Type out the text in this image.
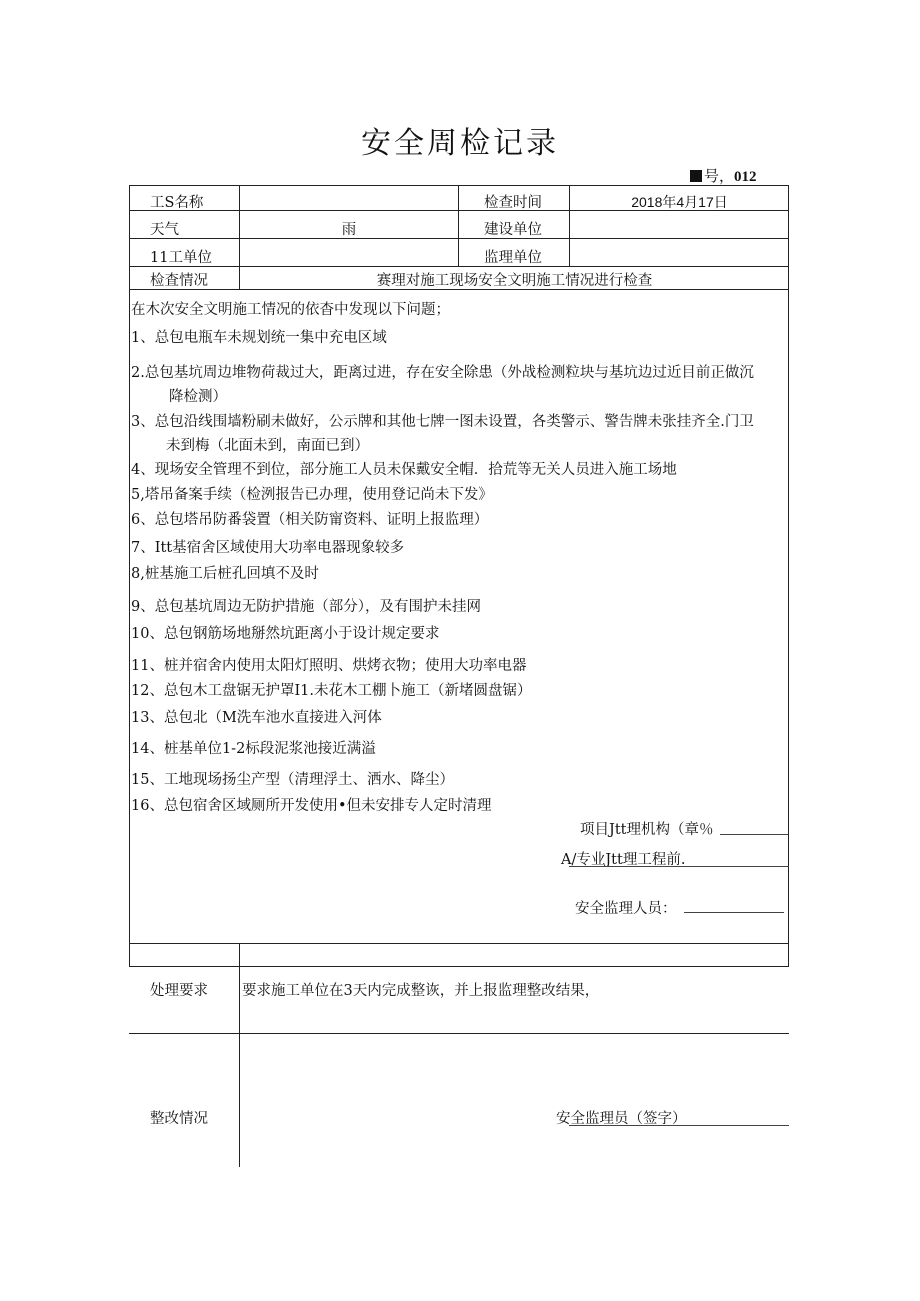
安全周检记录
号，012
工S名称	检查时间	2018年4月17日
天气	雨	建设单位
11工单位	监理单位
检査情况	赛理对施工现场安全文明施工情况进行检查
在木次安全文明施工情况的依杳中发现以下问题；
1、总包电瓶车未规划统一集中充电区域
2.总包基坑周边堆物荷裁过大，距离过进，存在安全除患（外战检测粒块与基坑边过近目前正做沉
降检测）
3、总包沿线围墙粉刷未做好，公示牌和其他七牌一图未设置，各类警示、警告牌未张挂齐全.门卫
未到梅（北面未到，南面已到）
4、现场安全管理不到位，部分施工人员未保戴安全帽．拾荒等无关人员进入施工场地
5,塔吊备案手续（检洌报告已办理，使用登记尚未下发》
6、总包塔吊防番袋置（相关防甯资料、证明上报监理）
7、Itt基宿舍区域使用大功率电器现象较多
8,桩基施工后桩孔回填不及时
9、总包基坑周边无防护措施（部分），及有围护未挂网
10、总包钢筋场地掰然坑距离小于设计规定要求
11、桩并宿舍内使用太阳灯照明、烘烤衣物；使用大功率电器
12、总包木工盘锯无护罩I1.未花木工棚卜施工（新堵圆盘锯）
13、总包北（M洗车池水直接进入河体
14、桩基单位1-2标段泥浆池接近满溢
15、工地现场扬尘产型（清理浮土、洒水、降尘）
16、总包宿舍区域厕所开发使用•但未安排专人定时清理
项目Jtt理机构（章％
A/专业Jtt理工程前.
安全监理人员：
处理要求 要求施工单位在3天内完成整诙，并上报监理整改结果，
整改情况	安全监理员（签字）
